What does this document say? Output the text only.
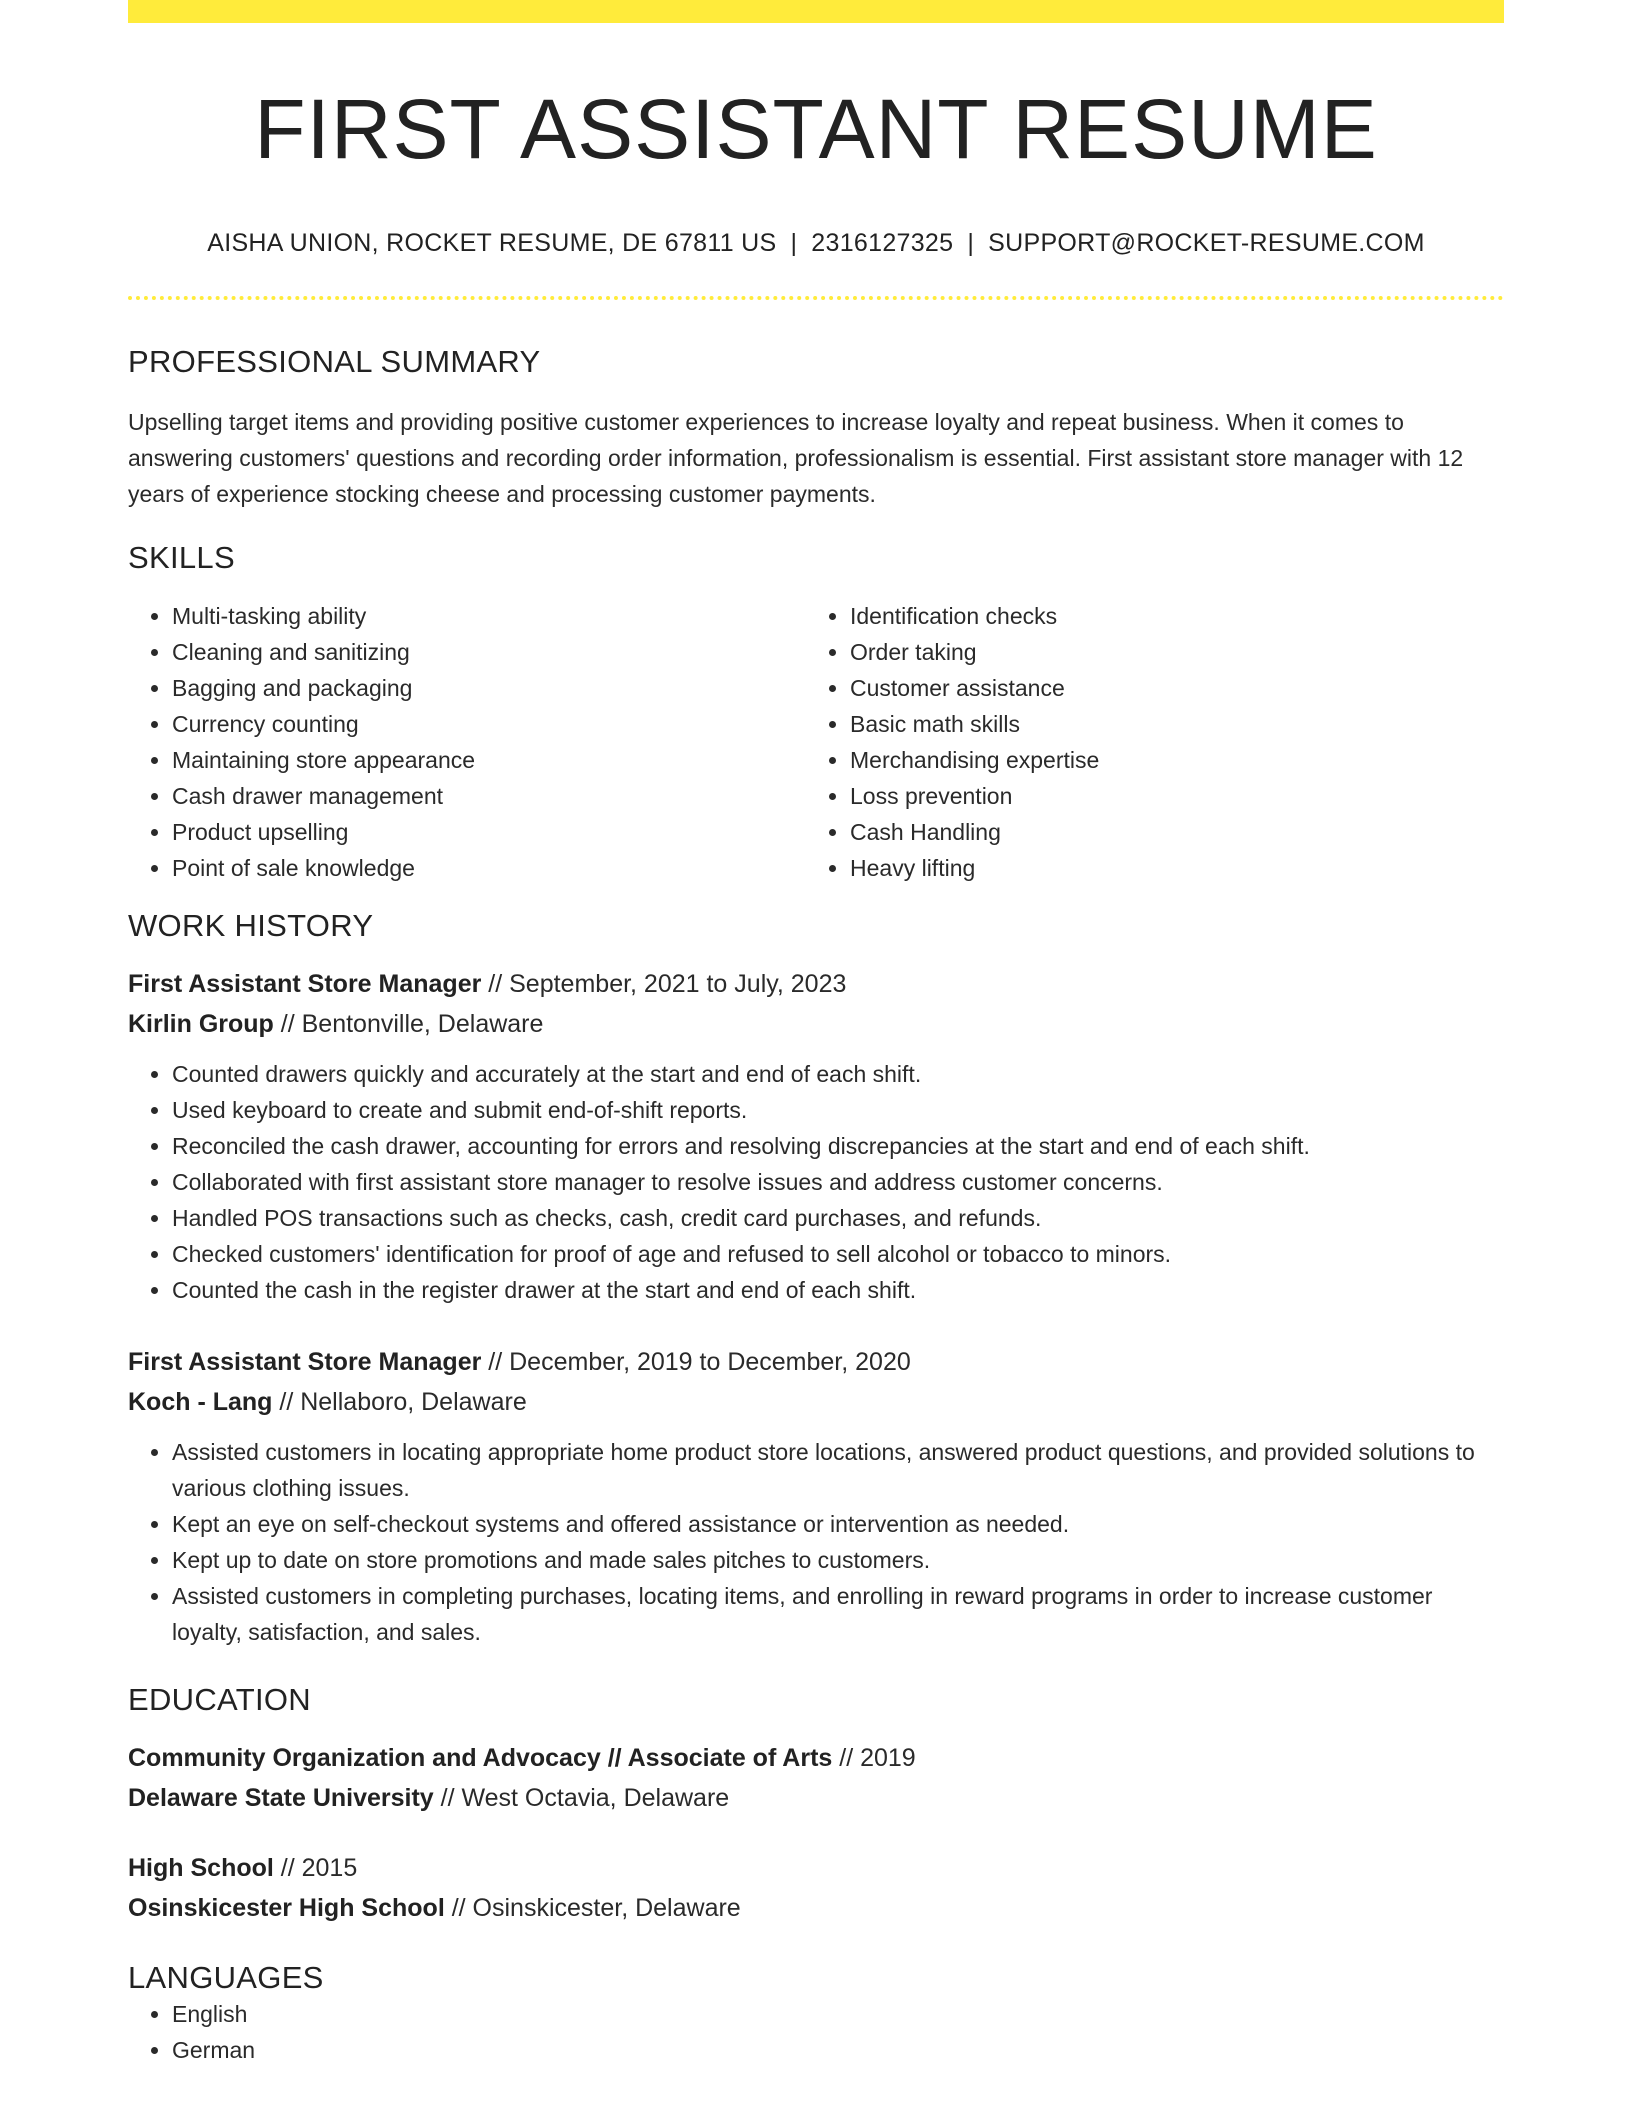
FIRST ASSISTANT RESUME
AISHA UNION, ROCKET RESUME, DE 67811 US | 2316127325 | SUPPORT@ROCKET-RESUME.COM
PROFESSIONAL SUMMARY
Upselling target items and providing positive customer experiences to increase loyalty and repeat business. When it comes to answering customers' questions and recording order information, professionalism is essential. First assistant store manager with 12 years of experience stocking cheese and processing customer payments.
SKILLS
• Multi-tasking ability
• Cleaning and sanitizing
• Bagging and packaging
• Currency counting
• Maintaining store appearance
• Cash drawer management
• Product upselling
• Point of sale knowledge
• Identification checks
• Order taking
• Customer assistance
• Basic math skills
• Merchandising expertise
• Loss prevention
• Cash Handling
• Heavy lifting
WORK HISTORY
First Assistant Store Manager // September, 2021 to July, 2023
Kirlin Group // Bentonville, Delaware
• Counted drawers quickly and accurately at the start and end of each shift.
• Used keyboard to create and submit end-of-shift reports.
• Reconciled the cash drawer, accounting for errors and resolving discrepancies at the start and end of each shift.
• Collaborated with first assistant store manager to resolve issues and address customer concerns.
• Handled POS transactions such as checks, cash, credit card purchases, and refunds.
• Checked customers' identification for proof of age and refused to sell alcohol or tobacco to minors.
• Counted the cash in the register drawer at the start and end of each shift.
First Assistant Store Manager // December, 2019 to December, 2020
Koch - Lang // Nellaboro, Delaware
• Assisted customers in locating appropriate home product store locations, answered product questions, and provided solutions to various clothing issues.
• Kept an eye on self-checkout systems and offered assistance or intervention as needed.
• Kept up to date on store promotions and made sales pitches to customers.
• Assisted customers in completing purchases, locating items, and enrolling in reward programs in order to increase customer loyalty, satisfaction, and sales.
EDUCATION
Community Organization and Advocacy // Associate of Arts // 2019
Delaware State University // West Octavia, Delaware
High School // 2015
Osinskicester High School // Osinskicester, Delaware
LANGUAGES
• English
• German
